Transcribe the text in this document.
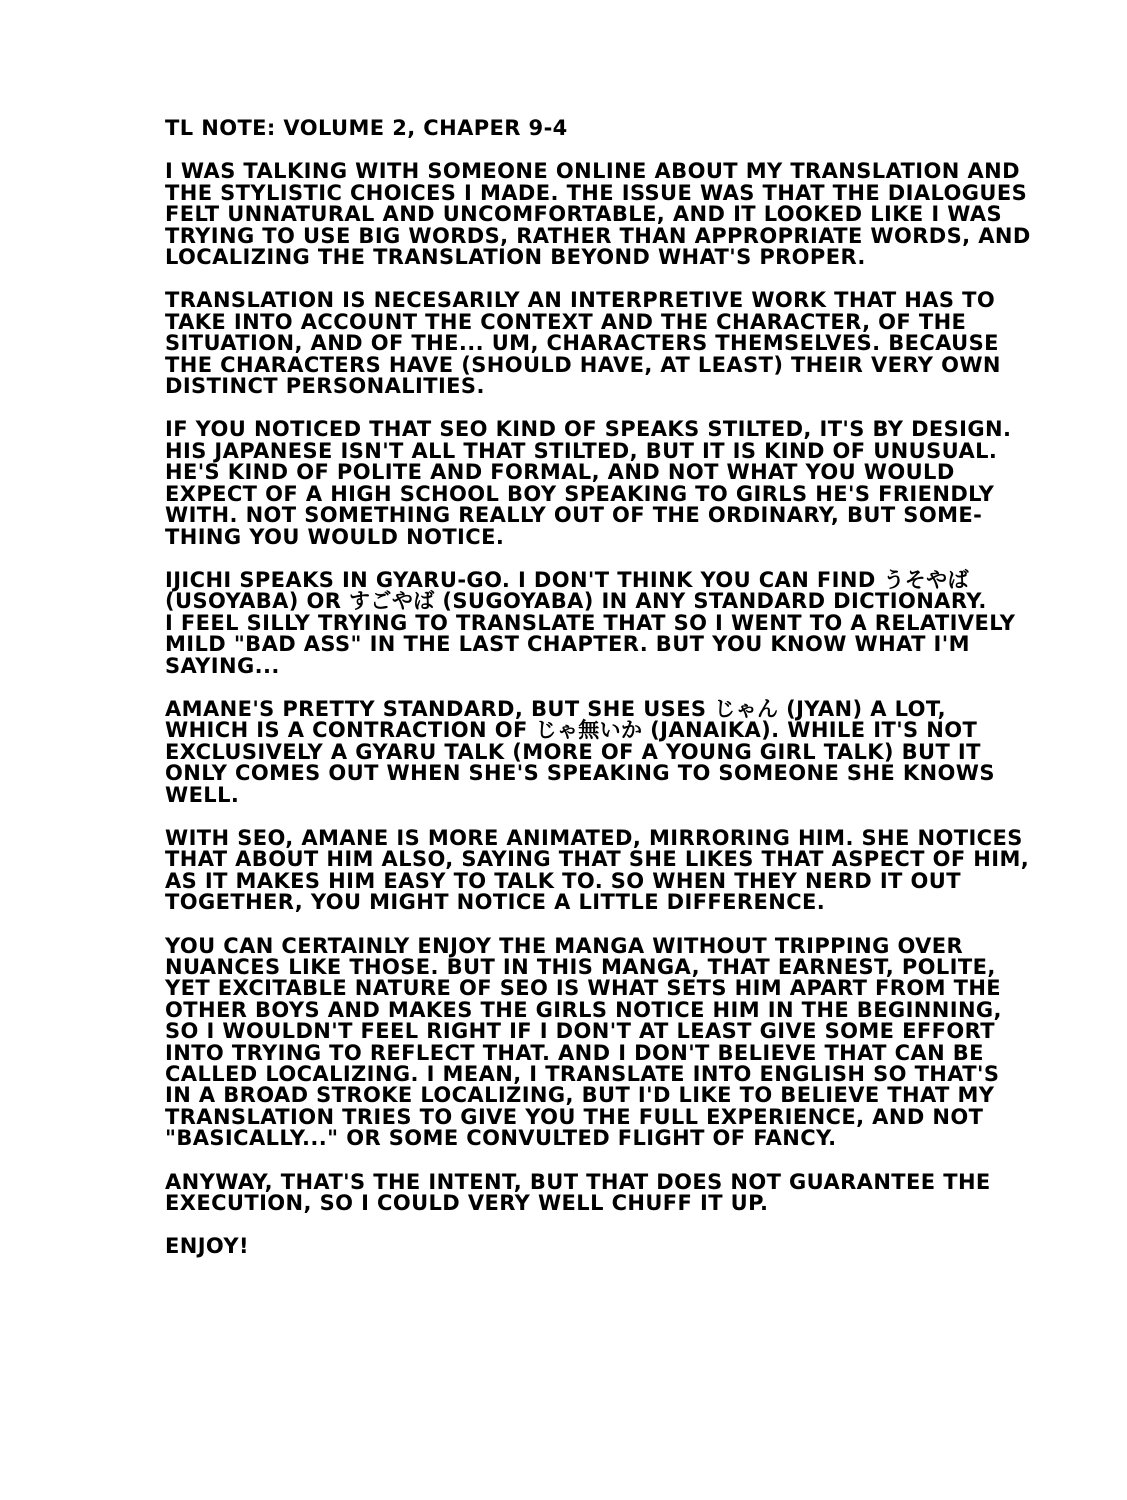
TL NOTE: VOLUME 2, CHAPER 9-4

I WAS TALKING WITH SOMEONE ONLINE ABOUT MY TRANSLATION AND
THE STYLISTIC CHOICES I MADE. THE ISSUE WAS THAT THE DIALOGUES
FELT UNNATURAL AND UNCOMFORTABLE, AND IT LOOKED LIKE I WAS
TRYING TO USE BIG WORDS, RATHER THAN APPROPRIATE WORDS, AND
LOCALIZING THE TRANSLATION BEYOND WHAT'S PROPER.

TRANSLATION IS NECESARILY AN INTERPRETIVE WORK THAT HAS TO
TAKE INTO ACCOUNT THE CONTEXT AND THE CHARACTER, OF THE
SITUATION, AND OF THE... UM, CHARACTERS THEMSELVES. BECAUSE
THE CHARACTERS HAVE (SHOULD HAVE, AT LEAST) THEIR VERY OWN
DISTINCT PERSONALITIES.

IF YOU NOTICED THAT SEO KIND OF SPEAKS STILTED, IT'S BY DESIGN.
HIS JAPANESE ISN'T ALL THAT STILTED, BUT IT IS KIND OF UNUSUAL.
HE'S KIND OF POLITE AND FORMAL, AND NOT WHAT YOU WOULD
EXPECT OF A HIGH SCHOOL BOY SPEAKING TO GIRLS HE'S FRIENDLY
WITH. NOT SOMETHING REALLY OUT OF THE ORDINARY, BUT SOME-
THING YOU WOULD NOTICE.

IJICHI SPEAKS IN GYARU-GO. I DON'T THINK YOU CAN FIND うそやば
(USOYABA) OR すごやば (SUGOYABA) IN ANY STANDARD DICTIONARY.
I FEEL SILLY TRYING TO TRANSLATE THAT SO I WENT TO A RELATIVELY
MILD "BAD ASS" IN THE LAST CHAPTER. BUT YOU KNOW WHAT I'M
SAYING...

AMANE'S PRETTY STANDARD, BUT SHE USES じゃん (JYAN) A LOT,
WHICH IS A CONTRACTION OF じゃ無いか (JANAIKA). WHILE IT'S NOT
EXCLUSIVELY A GYARU TALK (MORE OF A YOUNG GIRL TALK) BUT IT
ONLY COMES OUT WHEN SHE'S SPEAKING TO SOMEONE SHE KNOWS
WELL.

WITH SEO, AMANE IS MORE ANIMATED, MIRRORING HIM. SHE NOTICES
THAT ABOUT HIM ALSO, SAYING THAT SHE LIKES THAT ASPECT OF HIM,
AS IT MAKES HIM EASY TO TALK TO. SO WHEN THEY NERD IT OUT
TOGETHER, YOU MIGHT NOTICE A LITTLE DIFFERENCE.

YOU CAN CERTAINLY ENJOY THE MANGA WITHOUT TRIPPING OVER
NUANCES LIKE THOSE. BUT IN THIS MANGA, THAT EARNEST, POLITE,
YET EXCITABLE NATURE OF SEO IS WHAT SETS HIM APART FROM THE
OTHER BOYS AND MAKES THE GIRLS NOTICE HIM IN THE BEGINNING,
SO I WOULDN'T FEEL RIGHT IF I DON'T AT LEAST GIVE SOME EFFORT
INTO TRYING TO REFLECT THAT. AND I DON'T BELIEVE THAT CAN BE
CALLED LOCALIZING. I MEAN, I TRANSLATE INTO ENGLISH SO THAT'S
IN A BROAD STROKE LOCALIZING, BUT I'D LIKE TO BELIEVE THAT MY
TRANSLATION TRIES TO GIVE YOU THE FULL EXPERIENCE, AND NOT
"BASICALLY..." OR SOME CONVULTED FLIGHT OF FANCY.

ANYWAY, THAT'S THE INTENT, BUT THAT DOES NOT GUARANTEE THE
EXECUTION, SO I COULD VERY WELL CHUFF IT UP.

ENJOY!
